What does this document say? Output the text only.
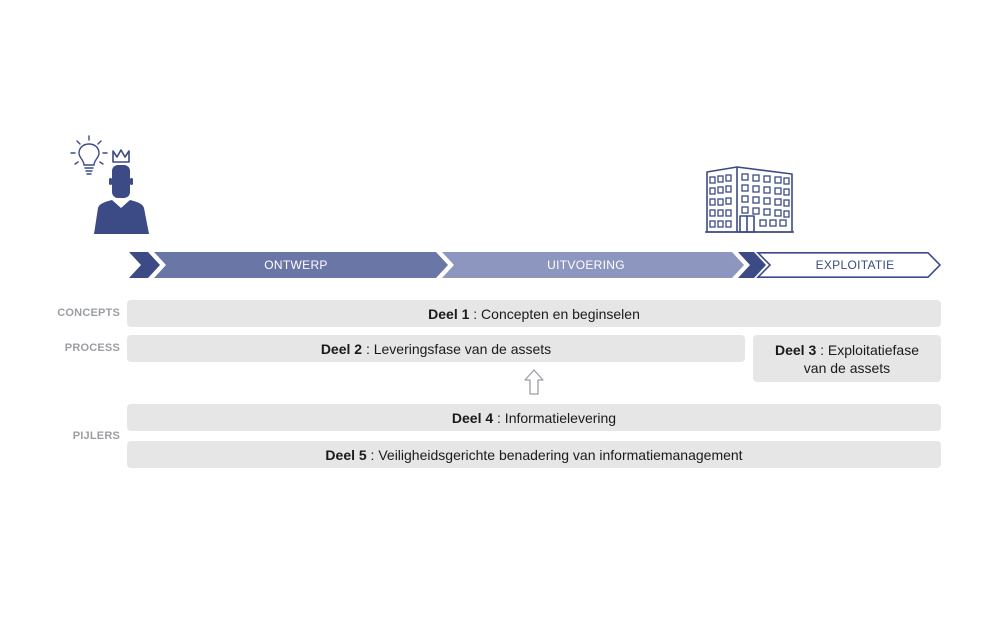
ONTWERP	UITVOERING	EXPLOITATIE
CONCEPTS
PROCESS
PIJLERS
Deel 1 : Concepten en beginselen
Deel 2 : Leveringsfase van de assets	Deel 3 : Exploitatiefase
van de assets
Deel 4 : Informatielevering
Deel 5 : Veiligheidsgerichte benadering van informatiemanagement
